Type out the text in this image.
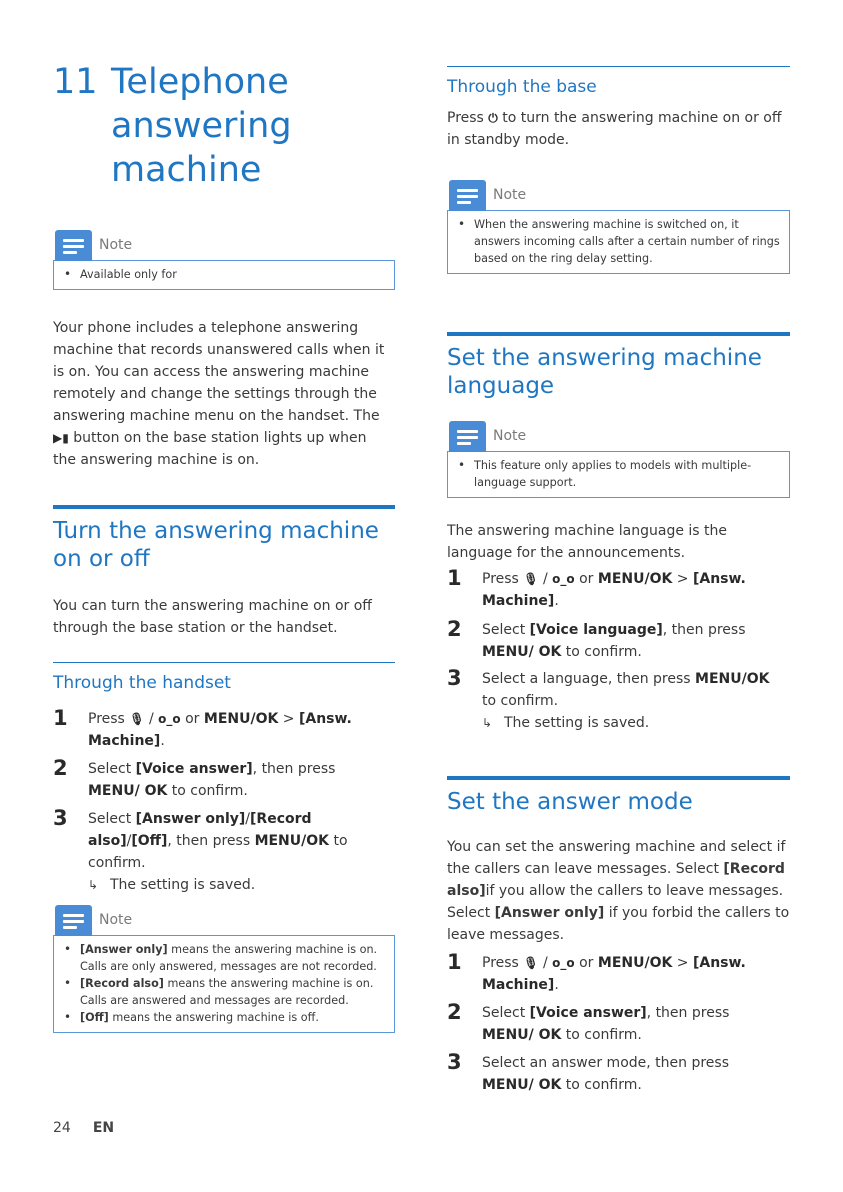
11 Telephone answering machine
Note
• Available only for
Your phone includes a telephone answering machine that records unanswered calls when it is on. You can access the answering machine remotely and change the settings through the answering machine menu on the handset. The ▶▮ button on the base station lights up when the answering machine is on.
Turn the answering machine on or off
You can turn the answering machine on or off through the base station or the handset.
Through the handset
1 Press 🎙 / ᴏ_ᴏ or MENU/OK > [Answ. Machine].
2 Select [Voice answer], then press MENU/ OK to confirm.
3 Select [Answer only]/[Record also]/[Off], then press MENU/OK to confirm.
↳ The setting is saved.
Note
• [Answer only] means the answering machine is on. Calls are only answered, messages are not recorded.
• [Record also] means the answering machine is on. Calls are answered and messages are recorded.
• [Off] means the answering machine is off.
Through the base
Press ⏻ to turn the answering machine on or off in standby mode.
Note
• When the answering machine is switched on, it answers incoming calls after a certain number of rings based on the ring delay setting.
Set the answering machine language
Note
• This feature only applies to models with multiple-language support.
The answering machine language is the language for the announcements.
1 Press 🎙 / ᴏ_ᴏ or MENU/OK > [Answ. Machine].
2 Select [Voice language], then press MENU/ OK to confirm.
3 Select a language, then press MENU/OK to confirm.
↳ The setting is saved.
Set the answer mode
You can set the answering machine and select if the callers can leave messages. Select [Record also]if you allow the callers to leave messages. Select [Answer only] if you forbid the callers to leave messages.
1 Press 🎙 / ᴏ_ᴏ or MENU/OK > [Answ. Machine].
2 Select [Voice answer], then press MENU/ OK to confirm.
3 Select an answer mode, then press MENU/ OK to confirm.
24 EN
